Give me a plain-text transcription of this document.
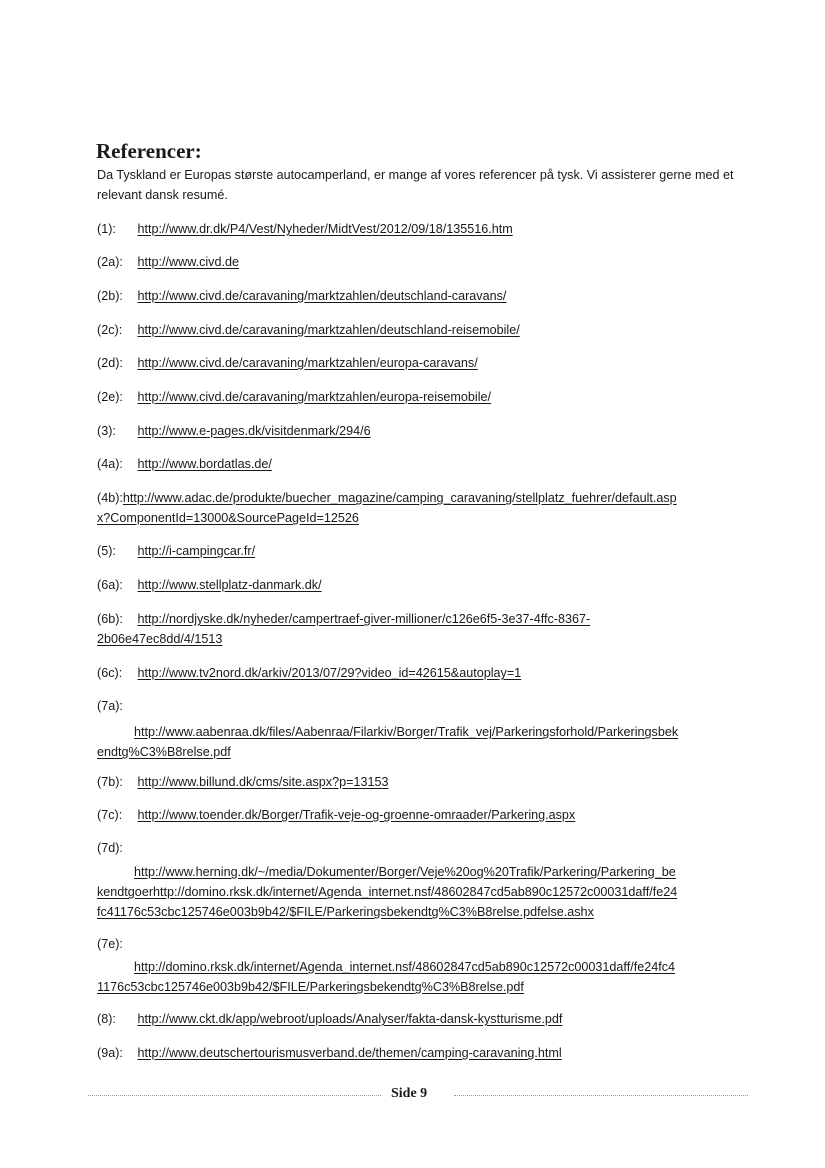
Referencer:
Da Tyskland er Europas største autocamperland, er mange af vores referencer på tysk. Vi assisterer gerne med et relevant dansk resumé.
(1): http://www.dr.dk/P4/Vest/Nyheder/MidtVest/2012/09/18/135516.htm
(2a): http://www.civd.de
(2b): http://www.civd.de/caravaning/marktzahlen/deutschland-caravans/
(2c): http://www.civd.de/caravaning/marktzahlen/deutschland-reisemobile/
(2d): http://www.civd.de/caravaning/marktzahlen/europa-caravans/
(2e): http://www.civd.de/caravaning/marktzahlen/europa-reisemobile/
(3): http://www.e-pages.dk/visitdenmark/294/6
(4a): http://www.bordatlas.de/
(4b):http://www.adac.de/produkte/buecher_magazine/camping_caravaning/stellplatz_fuehrer/default.asp
x?ComponentId=13000&SourcePageId=12526
(5): http://i-campingcar.fr/
(6a): http://www.stellplatz-danmark.dk/
(6b): http://nordjyske.dk/nyheder/campertraef-giver-millioner/c126e6f5-3e37-4ffc-8367-
2b06e47ec8dd/4/1513
(6c): http://www.tv2nord.dk/arkiv/2013/07/29?video_id=42615&autoplay=1
(7a):
http://www.aabenraa.dk/files/Aabenraa/Filarkiv/Borger/Trafik_vej/Parkeringsforhold/Parkeringsbek
endtg%C3%B8relse.pdf
(7b): http://www.billund.dk/cms/site.aspx?p=13153
(7c): http://www.toender.dk/Borger/Trafik-veje-og-groenne-omraader/Parkering.aspx
(7d):
http://www.herning.dk/~/media/Dokumenter/Borger/Veje%20og%20Trafik/Parkering/Parkering_be
kendtgoerhttp://domino.rksk.dk/internet/Agenda_internet.nsf/48602847cd5ab890c12572c00031daff/fe24
fc41176c53cbc125746e003b9b42/$FILE/Parkeringsbekendtg%C3%B8relse.pdfelse.ashx
(7e):
http://domino.rksk.dk/internet/Agenda_internet.nsf/48602847cd5ab890c12572c00031daff/fe24fc4
1176c53cbc125746e003b9b42/$FILE/Parkeringsbekendtg%C3%B8relse.pdf
(8): http://www.ckt.dk/app/webroot/uploads/Analyser/fakta-dansk-kystturisme.pdf
(9a): http://www.deutschertourismusverband.de/themen/camping-caravaning.html
Side 9
